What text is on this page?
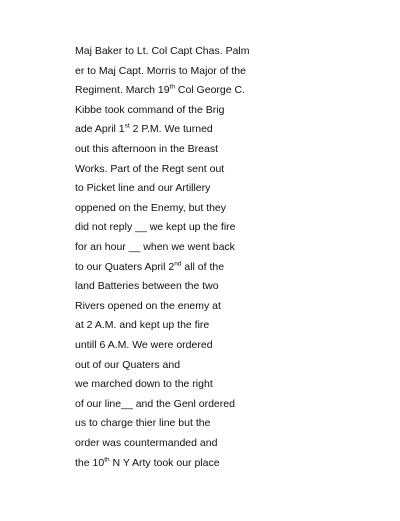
Maj Baker to Lt. Col Capt Chas. Palm
er to Maj Capt. Morris to Major of the
Regiment. March 19th Col George C.
Kibbe took command of the Brig
ade April 1st 2 P.M. We turned
out this afternoon in the Breast
Works. Part of the Regt sent out
to Picket line and our Artillery
oppened on the Enemy, but they
did not reply __ we kept up the fire
for an hour __ when we went back
to our Quaters April 2nd all of the
land Batteries between the two
Rivers opened on the enemy at
at 2 A.M. and kept up the fire
untill 6 A.M. We were ordered
out of our Quaters and
we marched down to the right
of our line__ and the Genl ordered
us to charge thier line but the
order was countermanded and
the 10th N Y Arty took our place
